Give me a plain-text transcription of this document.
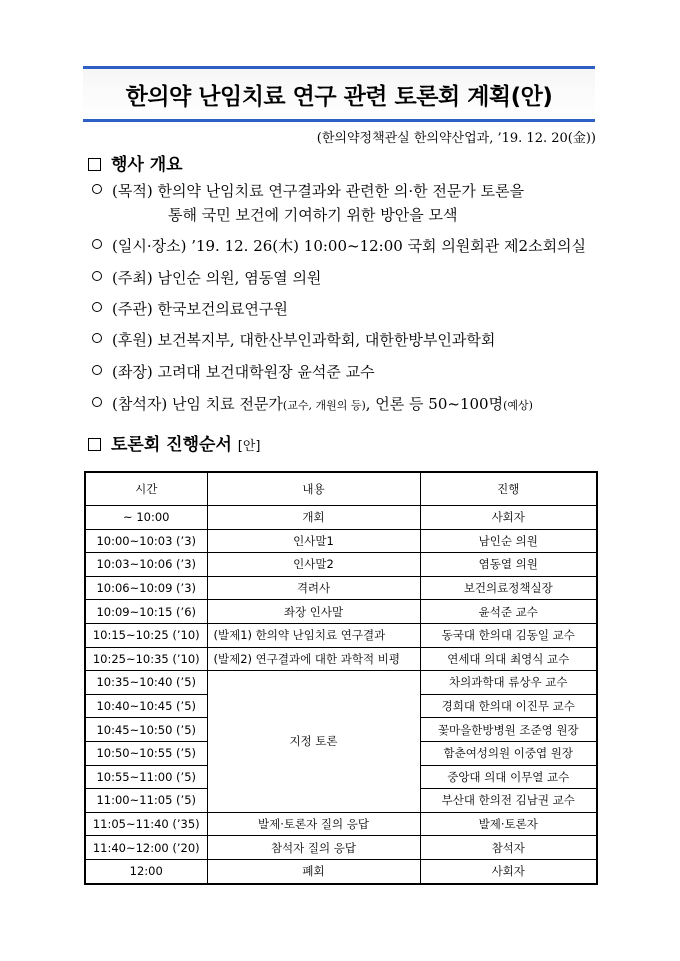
한의약 난임치료 연구 관련 토론회 계획(안)
(한의약정책관실 한의약산업과, ’19. 12. 20(金))
행사 개요
(목적) 한의약 난임치료 연구결과와 관련한 의·한 전문가 토론을
통해 국민 보건에 기여하기 위한 방안을 모색
(일시·장소) ’19. 12. 26(木) 10:00~12:00 국회 의원회관 제2소회의실
(주최) 남인순 의원, 염동열 의원
(주관) 한국보건의료연구원
(후원) 보건복지부, 대한산부인과학회, 대한한방부인과학회
(좌장) 고려대 보건대학원장 윤석준 교수
(참석자) 난임 치료 전문가(교수, 개원의 등), 언론 등 50~100명(예상)
토론회 진행순서 [안]
시간	내용	진행
~ 10:00	개회	사회자
10:00~10:03 (’3)	인사말1	남인순 의원
10:03~10:06 (’3)	인사말2	염동열 의원
10:06~10:09 (’3)	격려사	보건의료정책실장
10:09~10:15 (’6)	좌장 인사말	윤석준 교수
10:15~10:25 (’10)	(발제1) 한의약 난임치료 연구결과	동국대 한의대 김동일 교수
10:25~10:35 (’10)	(발제2) 연구결과에 대한 과학적 비평	연세대 의대 최영식 교수
10:35~10:40 (’5)	지정 토론	차의과학대 류상우 교수
10:40~10:45 (’5)		경희대 한의대 이진무 교수
10:45~10:50 (’5)		꽃마을한방병원 조준영 원장
10:50~10:55 (’5)		함춘여성의원 이중엽 원장
10:55~11:00 (’5)		중앙대 의대 이무열 교수
11:00~11:05 (’5)		부산대 한의전 김남권 교수
11:05~11:40 (’35)	발제·토론자 질의 응답	발제·토론자
11:40~12:00 (’20)	참석자 질의 응답	참석자
12:00	폐회	사회자
